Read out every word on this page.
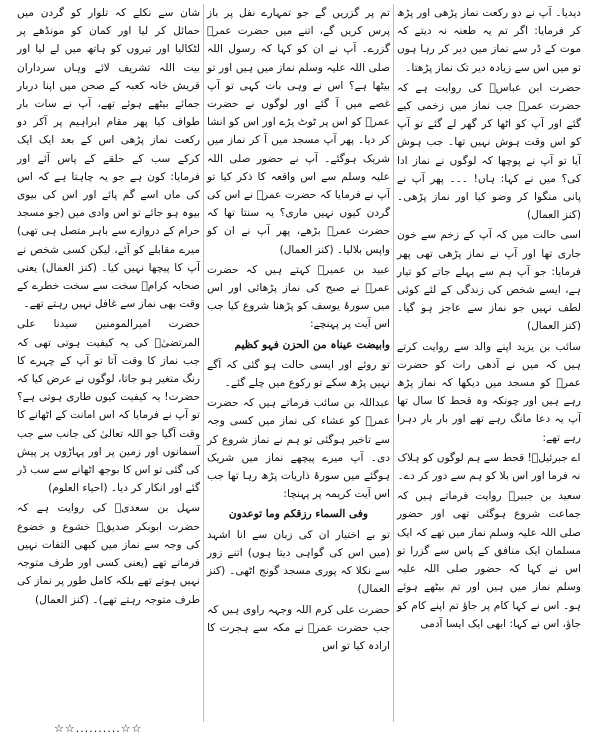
دیدیا۔ آپ نے دو رکعت نماز پڑھی اور پڑھ کر فرمایا: اگر تم یہ طعنہ نہ دیتے کہ موت کے ڈر سے نماز میں دیر کر رہا ہوں تو میں اس سے زیادہ دیر تک نماز پڑھتا۔

حضرت ابن عباسؓ کی روایت ہے کہ حضرت عمرؓ جب نماز میں زخمی کیے گئے اور آپ کو اٹھا کر گھر لے گئے تو آپ کو اس وقت ہوش نہیں تھا۔ جب ہوش آیا تو آپ نے پوچھا کہ لوگوں نے نماز ادا کی؟ میں نے کہا: ہاں! ۔۔۔ پھر آپ نے پانی منگوا کر وضو کیا اور نماز پڑھی۔ (کنز العمال)

اسی حالت میں کہ آپ کے زخم سے خون جاری تھا اور آپ نے نماز پڑھی تھی پھر فرمایا: جو آپ ہم سے پہلے جاتے کو تیار ہے، ایسے شخص کی زندگی کے لئے کوئی لطف نہیں جو نماز سے عاجز ہو گیا۔ (کنز العمال)

سائب بن یزید اپنے والد سے روایت کرتے ہیں کہ میں نے آدھی رات کو حضرت عمرؓ کو مسجد میں دیکھا کہ نماز پڑھ رہے ہیں اور چونکہ وہ قحط کا سال تھا آپ یہ دعا مانگ رہے تھے اور بار بار دہرا رہے تھے:

اے جبرئیلؑ! قحط سے ہم لوگوں کو ہلاک نہ فرما اور اس بلا کو ہم سے دور کر دے۔

سعید بن جبیرؓ روایت فرماتے ہیں کہ جماعت شروع ہوگئی تھی اور حضور صلی اللہ علیہ وسلم نماز میں تھے کہ ایک مسلمان ایک منافق کے پاس سے گزرا تو اس نے کہا کہ حضور صلی اللہ علیہ وسلم نماز میں ہیں اور تم بیٹھے ہوئے ہو۔ اس نے کہا کام پر جاؤ تم اپنے کام کو جاؤ، اس نے کہا: ابھی ایک ایسا آدمی

تم پر گزریں گے جو تمہارے نفل پر باز پرس کریں گے، اتنے میں حضرت عمرؓ گزرے۔ آپ نے ان کو کہا کہ رسول اللہ صلی اللہ علیہ وسلم نماز میں ہیں اور تو بیٹھا ہے؟ اس نے وہی بات کہی تو آپ غصے میں آ گئے اور لوگوں نے حضرت عمرؓ کو اس پر ٹوٹ پڑے اور اس کو انشا کر دیا۔ پھر آپ مسجد میں آ کر نماز میں شریک ہوگئے۔ آپ نے حضور صلی اللہ علیہ وسلم سے اس واقعہ کا ذکر کیا تو آپ نے فرمایا کہ حضرت عمرؓ نے اس کی گردن کیوں نہیں ماری؟ یہ سنتا تھا کہ حضرت عمرؓ بڑھے، پھر آپ نے ان کو واپس بلالیا۔ (کنز العمال)

عبید بن عمیرؓ کہتے ہیں کہ حضرت عمرؓ نے صبح کی نماز پڑھائی اور اس میں سورۂ یوسف کو پڑھنا شروع کیا جب اس آیت پر پہنچے:

وابیضت عیناہ من الحزن فہو کظیم

تو روئے اور ایسی حالت ہو گئی کہ آگے نہیں پڑھ سکے تو رکوع میں چلے گئے۔

عبداللہ بن سائب فرماتے ہیں کہ حضرت عمرؓ کو عشاء کی نماز میں کسی وجہ سے تاخیر ہوگئی تو ہم نے نماز شروع کر دی۔ آپ میرے پیچھے نماز میں شریک ہوگئے میں سورۂ ذاریات پڑھ رہا تھا جب اس آیت کریمہ پر پہنچا:

وفی السماء رزقکم وما توعدون

تو بے اختیار ان کی زبان سے انا اشہد (میں اس کی گواہی دیتا ہوں) اتنے زور سے نکلا کہ پوری مسجد گونج اٹھی۔ (کنز العمال)

حضرت علی کرم اللہ وجہہ راوی ہیں کہ جب حضرت عمرؓ نے مکہ سے ہجرت کا ارادہ کیا تو اس

شان سے نکلے کہ تلوار کو گردن میں حمائل کر لیا اور کمان کو مونڈھے پر لٹکالیا اور تیروں کو ہاتھ میں لے لیا اور بیت اللہ تشریف لائے وہاں سرداران قریش خانہ کعبہ کے صحن میں اپنا دربار جمائے بیٹھے ہوئے تھے، آپ نے سات بار طواف کیا پھر مقام ابراہیم پر آکر دو رکعت نماز پڑھی اس کے بعد ایک ایک کرکے سب کے حلقے کے پاس آئے اور فرمایا: کون ہے جو یہ چاہتا ہے کہ اس کی ماں اسے گم پائے اور اس کی بیوی بیوہ ہو جائے تو اس وادی میں (جو مسجد حرام کے دروازے سے باہر متصل ہی تھی) میرے مقابلے کو آئے، لیکن کسی شخص نے آپ کا پیچھا نہیں کیا۔ (کنز العمال) یعنی صحابہ کرامؓ سخت سے سخت خطرے کے وقت بھی نماز سے غافل نہیں رہتے تھے۔

حضرت امیرالمومنین سیدنا علی المرتضیٰؓ کی یہ کیفیت ہوتی تھی کہ جب نماز کا وقت آتا تو آپ کے چہرے کا رنگ متغیر ہو جاتا، لوگوں نے عرض کیا کہ حضرت! یہ کیفیت کیوں طاری ہوتی ہے؟ تو آپ نے فرمایا کہ اس امانت کے اٹھانے کا وقت آگیا جو اللہ تعالیٰ کی جانب سے جب آسمانوں اور زمین پر اور پہاڑوں پر پیش کی گئی تو اس کا بوجھ اٹھانے سے سب ڈر گئے اور انکار کر دیا۔ (احیاء العلوم)

سہل بن سعدیؓ کی روایت ہے کہ حضرت ابوبکر صدیقؓ خشوع و خضوع کی وجہ سے نماز میں کبھی التفات نہیں فرماتے تھے (یعنی کسی اور طرف متوجہ نہیں ہوتے تھے بلکہ کامل طور پر نماز کی طرف متوجہ رہتے تھے)۔ (کنز العمال)

☆☆..........☆☆
